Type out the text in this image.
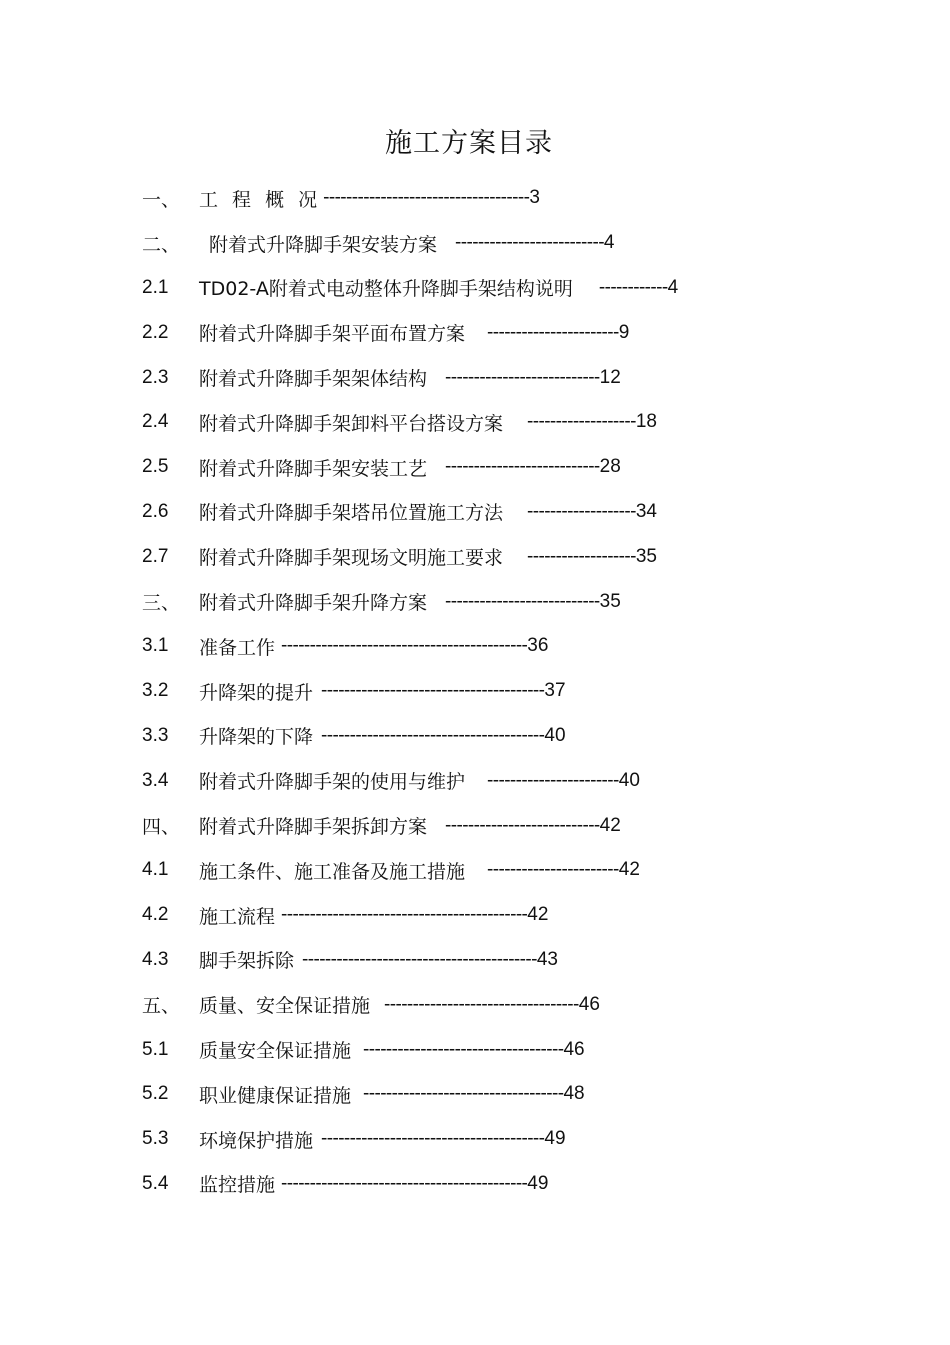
施工方案目录
一、 工 程 概 况 ------------------------------------ 3
二、	附着式升降脚手架安装方案 -------------------------- 4
2.1	TD02-A附着式电动整体升降脚手架结构说明 ------------ 4
2.2	附着式升降脚手架平面布置方案 ----------------------- 9
2.3	附着式升降脚手架架体结构 --------------------------- 12
2.4	附着式升降脚手架卸料平台搭设方案 ------------------- 18
2.5	附着式升降脚手架安装工艺 --------------------------- 28
2.6	附着式升降脚手架塔吊位置施工方法 ------------------- 34
2.7	附着式升降脚手架现场文明施工要求 ------------------- 35
三、 附着式升降脚手架升降方案 --------------------------- 35
3.1	准备工作 ------------------------------------------- 36
3.2	升降架的提升 --------------------------------------- 37
3.3	升降架的下降 --------------------------------------- 40
3.4	附着式升降脚手架的使用与维护 ----------------------- 40
四、 附着式升降脚手架拆卸方案 --------------------------- 42
4.1	施工条件、施工准备及施工措施 ----------------------- 42
4.2	施工流程 ------------------------------------------- 42
4.3	脚手架拆除 ----------------------------------------- 43
五、 质量、安全保证措施 ---------------------------------- 46
5.1	质量安全保证措施 ----------------------------------- 46
5.2	职业健康保证措施 ----------------------------------- 48
5.3	环境保护措施 --------------------------------------- 49
5.4	监控措施 ------------------------------------------- 49
